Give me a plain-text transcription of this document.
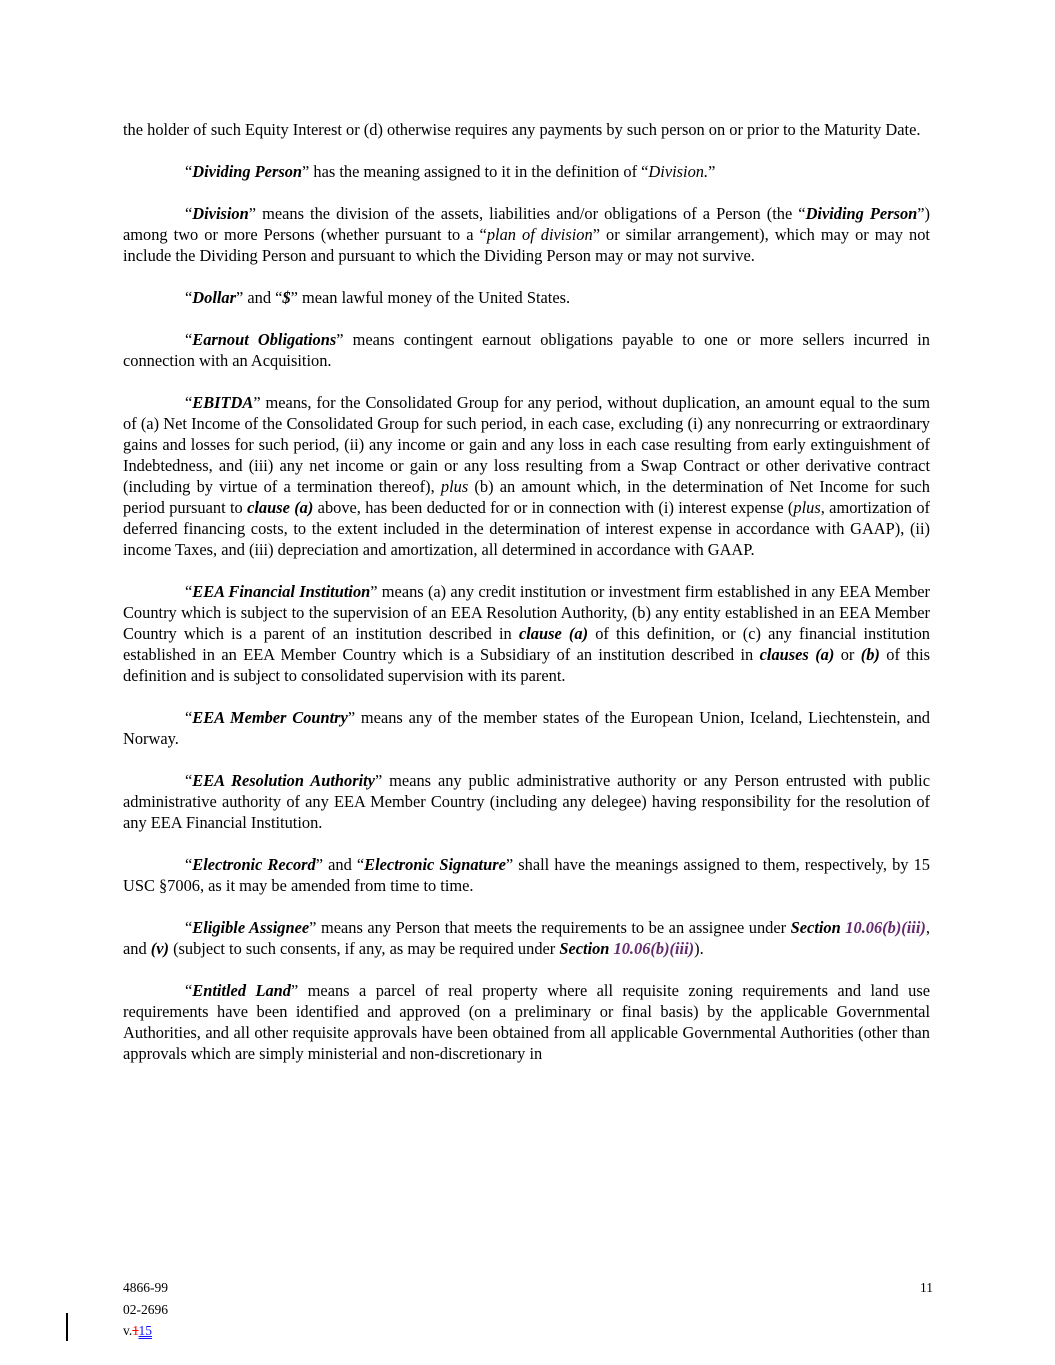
the holder of such Equity Interest or (d) otherwise requires any payments by such person on or prior to the Maturity Date.

“Dividing Person” has the meaning assigned to it in the definition of “Division.”

“Division” means the division of the assets, liabilities and/or obligations of a Person (the “Dividing Person”) among two or more Persons (whether pursuant to a “plan of division” or similar arrangement), which may or may not include the Dividing Person and pursuant to which the Dividing Person may or may not survive.

“Dollar” and “$” mean lawful money of the United States.

“Earnout Obligations” means contingent earnout obligations payable to one or more sellers incurred in connection with an Acquisition.

“EBITDA” means, for the Consolidated Group for any period, without duplication, an amount equal to the sum of (a) Net Income of the Consolidated Group for such period, in each case, excluding (i) any nonrecurring or extraordinary gains and losses for such period, (ii) any income or gain and any loss in each case resulting from early extinguishment of Indebtedness, and (iii) any net income or gain or any loss resulting from a Swap Contract or other derivative contract (including by virtue of a termination thereof), plus (b) an amount which, in the determination of Net Income for such period pursuant to clause (a) above, has been deducted for or in connection with (i) interest expense (plus, amortization of deferred financing costs, to the extent included in the determination of interest expense in accordance with GAAP), (ii) income Taxes, and (iii) depreciation and amortization, all determined in accordance with GAAP.

“EEA Financial Institution” means (a) any credit institution or investment firm established in any EEA Member Country which is subject to the supervision of an EEA Resolution Authority, (b) any entity established in an EEA Member Country which is a parent of an institution described in clause (a) of this definition, or (c) any financial institution established in an EEA Member Country which is a Subsidiary of an institution described in clauses (a) or (b) of this definition and is subject to consolidated supervision with its parent.

“EEA Member Country” means any of the member states of the European Union, Iceland, Liechtenstein, and Norway.

“EEA Resolution Authority” means any public administrative authority or any Person entrusted with public administrative authority of any EEA Member Country (including any delegee) having responsibility for the resolution of any EEA Financial Institution.

“Electronic Record” and “Electronic Signature” shall have the meanings assigned to them, respectively, by 15 USC §7006, as it may be amended from time to time.

“Eligible Assignee” means any Person that meets the requirements to be an assignee under Section 10.06(b)(iii), and (v) (subject to such consents, if any, as may be required under Section 10.06(b)(iii)).

“Entitled Land” means a parcel of real property where all requisite zoning requirements and land use requirements have been identified and approved (on a preliminary or final basis) by the applicable Governmental Authorities, and all other requisite approvals have been obtained from all applicable Governmental Authorities (other than approvals which are simply ministerial and non-discretionary in

4866-99
02-2696
v.115
11
